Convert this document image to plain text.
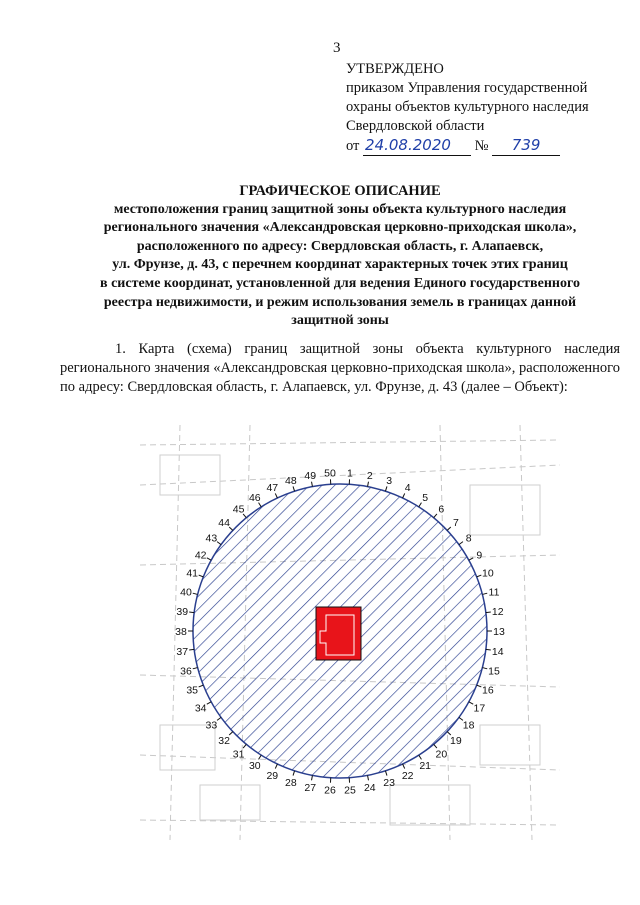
3
УТВЕРЖДЕНО
приказом Управления государственной
охраны объектов культурного наследия
Свердловской области
от 24.08.2020 № 739
ГРАФИЧЕСКОЕ ОПИСАНИЕ
местоположения границ защитной зоны объекта культурного наследия
регионального значения «Александровская церковно-приходская школа»,
расположенного по адресу: Свердловская область, г. Алапаевск,
ул. Фрунзе, д. 43, с перечнем координат характерных точек этих границ
в системе координат, установленной для ведения Единого государственного
реестра недвижимости, и режим использования земель в границах данной
защитной зоны
1. Карта (схема) границ защитной зоны объекта культурного наследия регионального значения «Александровская церковно-приходская школа», расположенного по адресу: Свердловская область, г. Алапаевск, ул. Фрунзе, д. 43 (далее – Объект):
1 2 3
4
5
6
7
8
9
10
11
12
13
14
15
16
17
18
19
20
21
22
23
24
25
26
27
28
29
30
31
32
33
34
35
36
37
38
39
40
41
42
43
44
45
46
47
48 49 50
